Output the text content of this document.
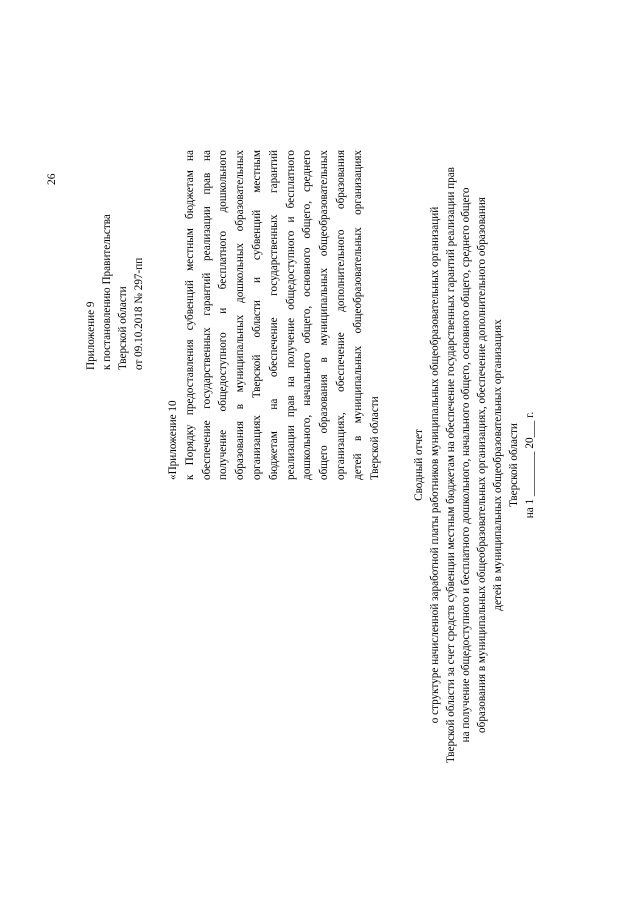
26
Приложение 9 к постановлению Правительства Тверской области от 09.10.2018 № 297-пп
«Приложение 10 к Порядку предоставления субвенций местным бюджетам на обеспечение государственных гарантий реализации прав на получение общедоступного и бесплатного дошкольного образования в муниципальных дошкольных образовательных организациях Тверской области и субвенций местным бюджетам на обеспечение государственных гарантий реализации прав на получение общедоступного и бесплатного дошкольного, начального общего, основного общего, среднего общего образования в муниципальных общеобразовательных организациях, обеспечение дополнительного образования детей в муниципальных общеобразовательных организациях Тверской области	Сводный отчет о структуре начисленной заработной платы работников муниципальных общеобразовательных организаций Тверской области за счет средств субвенции местным бюджетам на обеспечение государственных гарантий реализации прав на получение общедоступного и бесплатного дошкольного, начального общего, основного общего, среднего общего образования в муниципальных общеобразовательных организациях, обеспечение дополнительного образования детей в муниципальных общеобразовательных организациях Тверской области на 1 ________ 20___ г.
